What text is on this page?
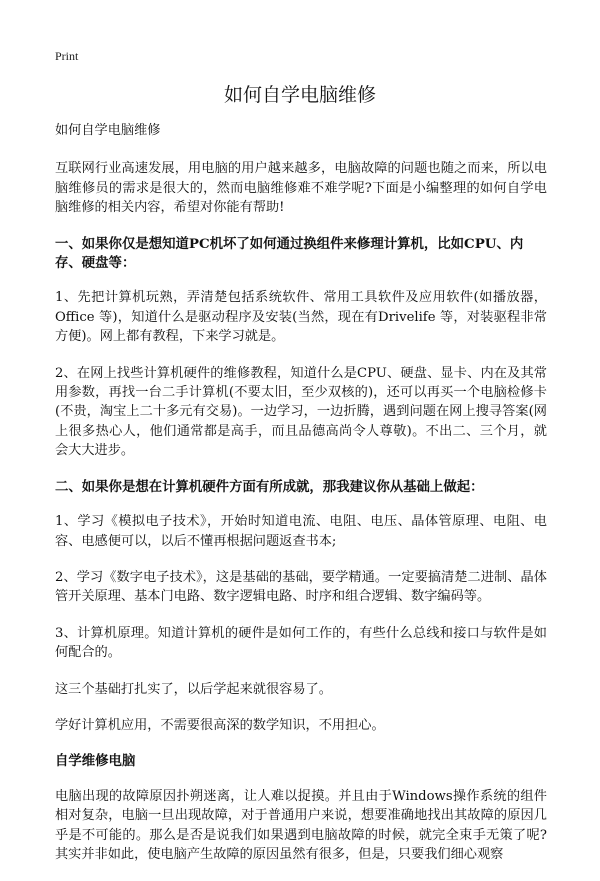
Print
如何自学电脑维修

如何自学电脑维修

互联网行业高速发展，用电脑的用户越来越多，电脑故障的问题也随之而来，所以电脑维修员的需求是很大的，然而电脑维修难不难学呢?下面是小编整理的如何自学电脑维修的相关内容，希望对你能有帮助!

一、如果你仅是想知道PC机坏了如何通过换组件来修理计算机，比如CPU、内存、硬盘等：

1、先把计算机玩熟，弄清楚包括系统软件、常用工具软件及应用软件(如播放器，Office 等)，知道什么是驱动程序及安装(当然，现在有Drivelife 等，对装驱程非常方便)。网上都有教程，下来学习就是。

2、在网上找些计算机硬件的维修教程，知道什么是CPU、硬盘、显卡、内在及其常用参数，再找一台二手计算机(不要太旧，至少双核的)，还可以再买一个电脑检修卡(不贵，淘宝上二十多元有交易)。一边学习，一边折腾，遇到问题在网上搜寻答案(网上很多热心人，他们通常都是高手，而且品德高尚令人尊敬)。不出二、三个月，就会大大进步。

二、如果你是想在计算机硬件方面有所成就，那我建议你从基础上做起：

1、学习《模拟电子技术》，开始时知道电流、电阻、电压、晶体管原理、电阻、电容、电感便可以，以后不懂再根据问题返查书本;

2、学习《数字电子技术》，这是基础的基础，要学精通。一定要搞清楚二进制、晶体管开关原理、基本门电路、数字逻辑电路、时序和组合逻辑、数字编码等。

3、计算机原理。知道计算机的硬件是如何工作的，有些什么总线和接口与软件是如何配合的。

这三个基础打扎实了，以后学起来就很容易了。

学好计算机应用，不需要很高深的数学知识，不用担心。

自学维修电脑

电脑出现的故障原因扑朔迷离，让人难以捉摸。并且由于Windows操作系统的组件相对复杂，电脑一旦出现故障，对于普通用户来说，想要准确地找出其故障的原因几乎是不可能的。那么是否是说我们如果遇到电脑故障的时候，就完全束手无策了呢?其实并非如此，使电脑产生故障的原因虽然有很多，但是，只要我们细心观察
